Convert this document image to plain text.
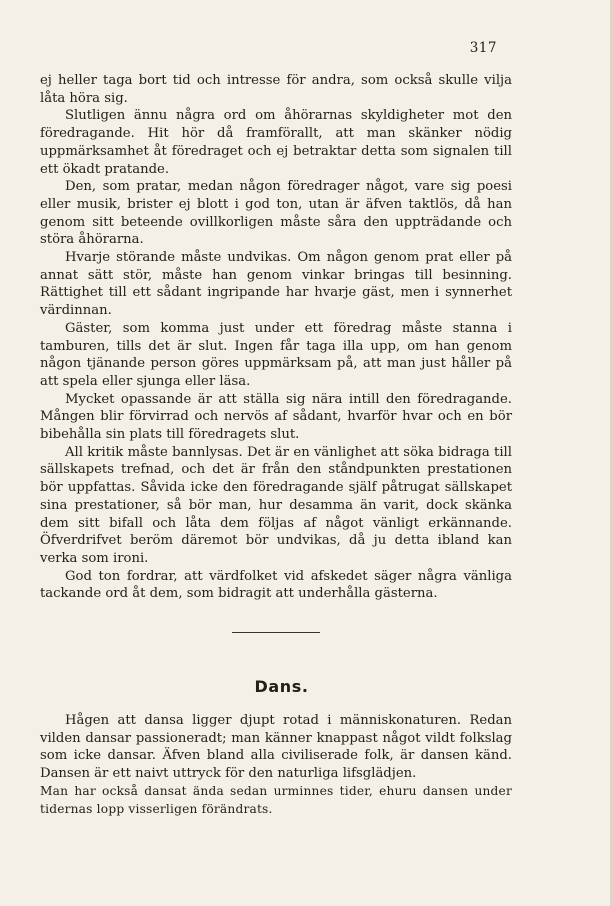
317

ej heller taga bort tid och intresse för andra, som också skulle vilja låta höra sig.

Slutligen ännu några ord om åhörarnas skyldigheter mot den föredragande. Hit hör då framförallt, att man skänker nödig uppmärksamhet åt föredraget och ej betraktar detta som signalen till ett ökadt pratande.

Den, som pratar, medan någon föredrager något, vare sig poesi eller musik, brister ej blott i god ton, utan är äfven taktlös, då han genom sitt beteende ovillkorligen måste såra den uppträdande och störa åhörarna.

Hvarje störande måste undvikas. Om någon genom prat eller på annat sätt stör, måste han genom vinkar bringas till besinning. Rättighet till ett sådant ingripande har hvarje gäst, men i synnerhet värdinnan.

Gäster, som komma just under ett föredrag måste stanna i tamburen, tills det är slut. Ingen får taga illa upp, om han genom någon tjänande person göres uppmärksam på, att man just håller på att spela eller sjunga eller läsa.

Mycket opassande är att ställa sig nära intill den föredragande. Mången blir förvirrad och nervös af sådant, hvarför hvar och en bör bibehålla sin plats till föredragets slut.

All kritik måste bannlysas. Det är en vänlighet att söka bidraga till sällskapets trefnad, och det är från den ståndpunkten prestationen bör uppfattas. Såvida icke den föredragande själf påtrugat sällskapet sina prestationer, så bör man, hur desamma än varit, dock skänka dem sitt bifall och låta dem följas af något vänligt erkännande. Öfverdrifvet beröm däremot bör undvikas, då ju detta ibland kan verka som ironi.

God ton fordrar, att värdfolket vid afskedet säger några vänliga tackande ord åt dem, som bidragit att underhålla gästerna.

Dans.

Hågen att dansa ligger djupt rotad i människonaturen. Redan vilden dansar passioneradt; man känner knappast något vildt folkslag som icke dansar. Äfven bland alla civiliserade folk, är dansen känd. Dansen är ett naivt uttryck för den naturliga lifsglädjen.

Man har också dansat ända sedan urminnes tider, ehuru dansen under tidernas lopp visserligen förändrats.
